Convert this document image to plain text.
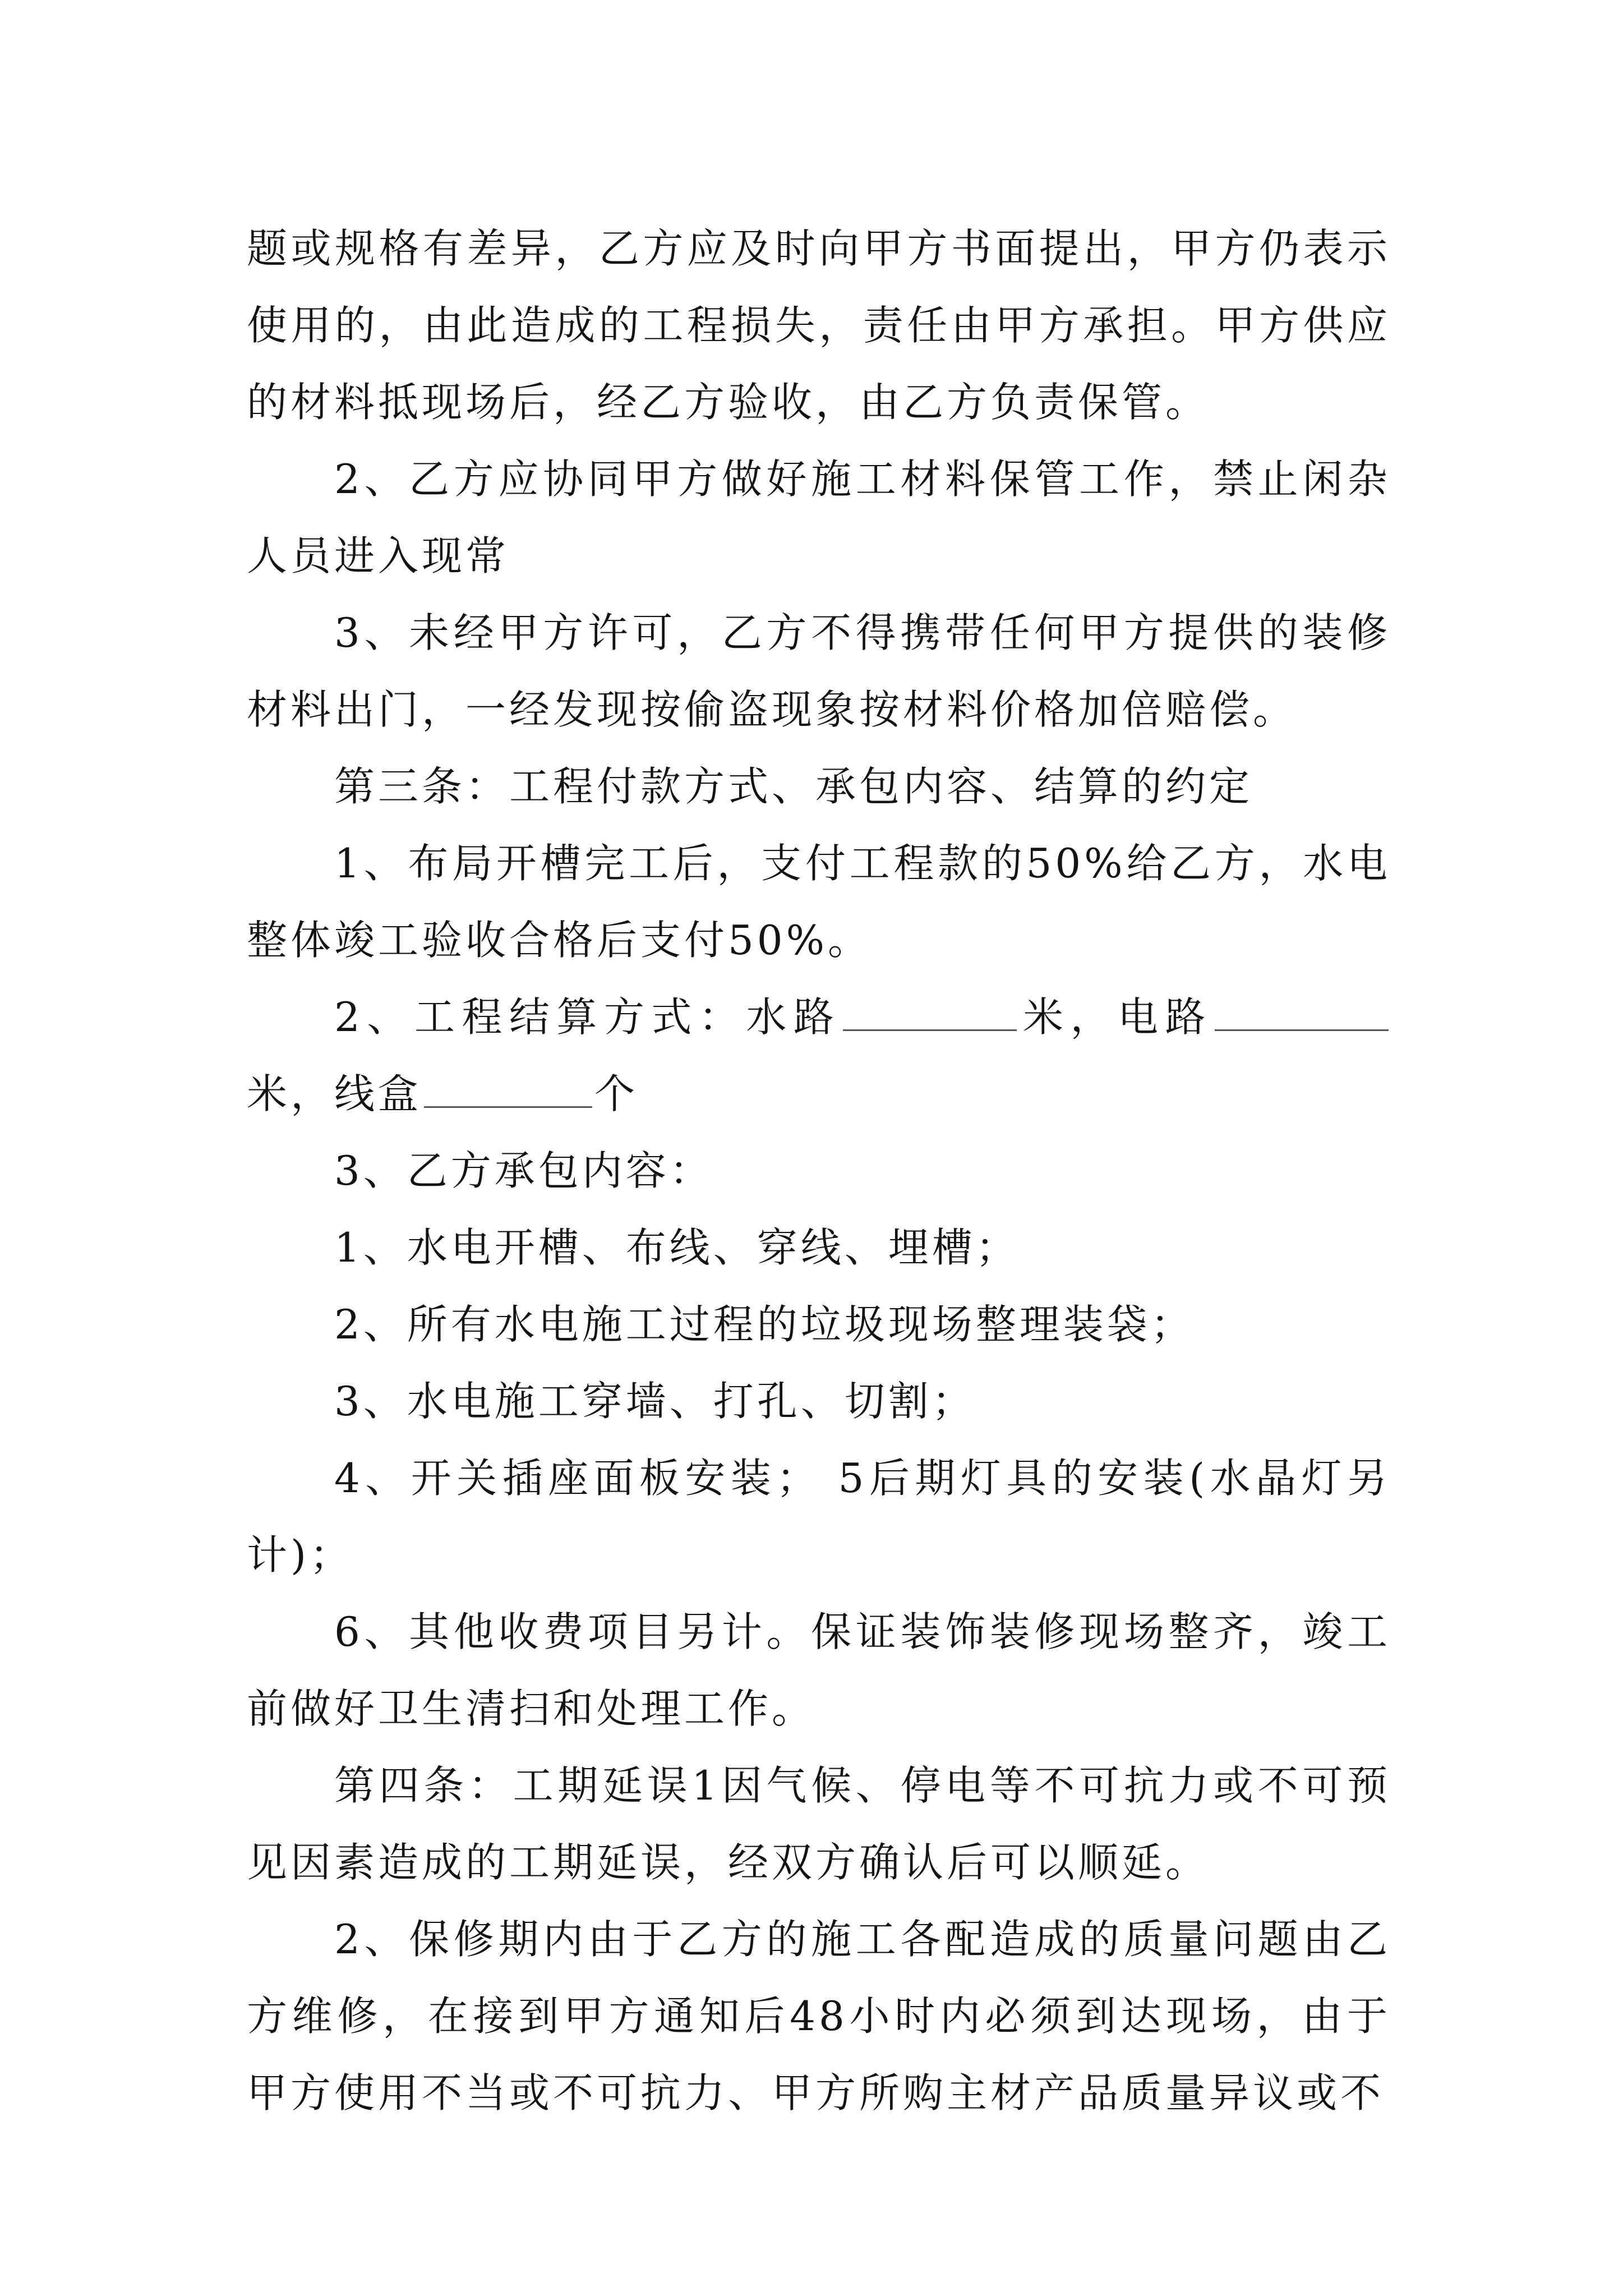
题或规格有差异，乙方应及时向甲方书面提出，甲方仍表示使用的，由此造成的工程损失，责任由甲方承担。甲方供应的材料抵现场后，经乙方验收，由乙方负责保管。

2、乙方应协同甲方做好施工材料保管工作，禁止闲杂人员进入现常

3、未经甲方许可，乙方不得携带任何甲方提供的装修材料出门，一经发现按偷盗现象按材料价格加倍赔偿。

第三条：工程付款方式、承包内容、结算的约定

1、布局开槽完工后，支付工程款的50%给乙方，水电整体竣工验收合格后支付50%。

2、工程结算方式：水路	米，电路米，线盒	个

3、乙方承包内容：

1、水电开槽、布线、穿线、埋槽；

2、所有水电施工过程的垃圾现场整理装袋；

3、水电施工穿墙、打孔、切割；

4、开关插座面板安装； 5后期灯具的安装(水晶灯另计)；

6、其他收费项目另计。保证装饰装修现场整齐，竣工前做好卫生清扫和处理工作。

第四条：工期延误1因气候、停电等不可抗力或不可预见因素造成的工期延误，经双方确认后可以顺延。

2、保修期内由于乙方的施工各配造成的质量问题由乙方维修，在接到甲方通知后48小时内必须到达现场，由于甲方使用不当或不可抗力、甲方所购主材产品质量异议或不
